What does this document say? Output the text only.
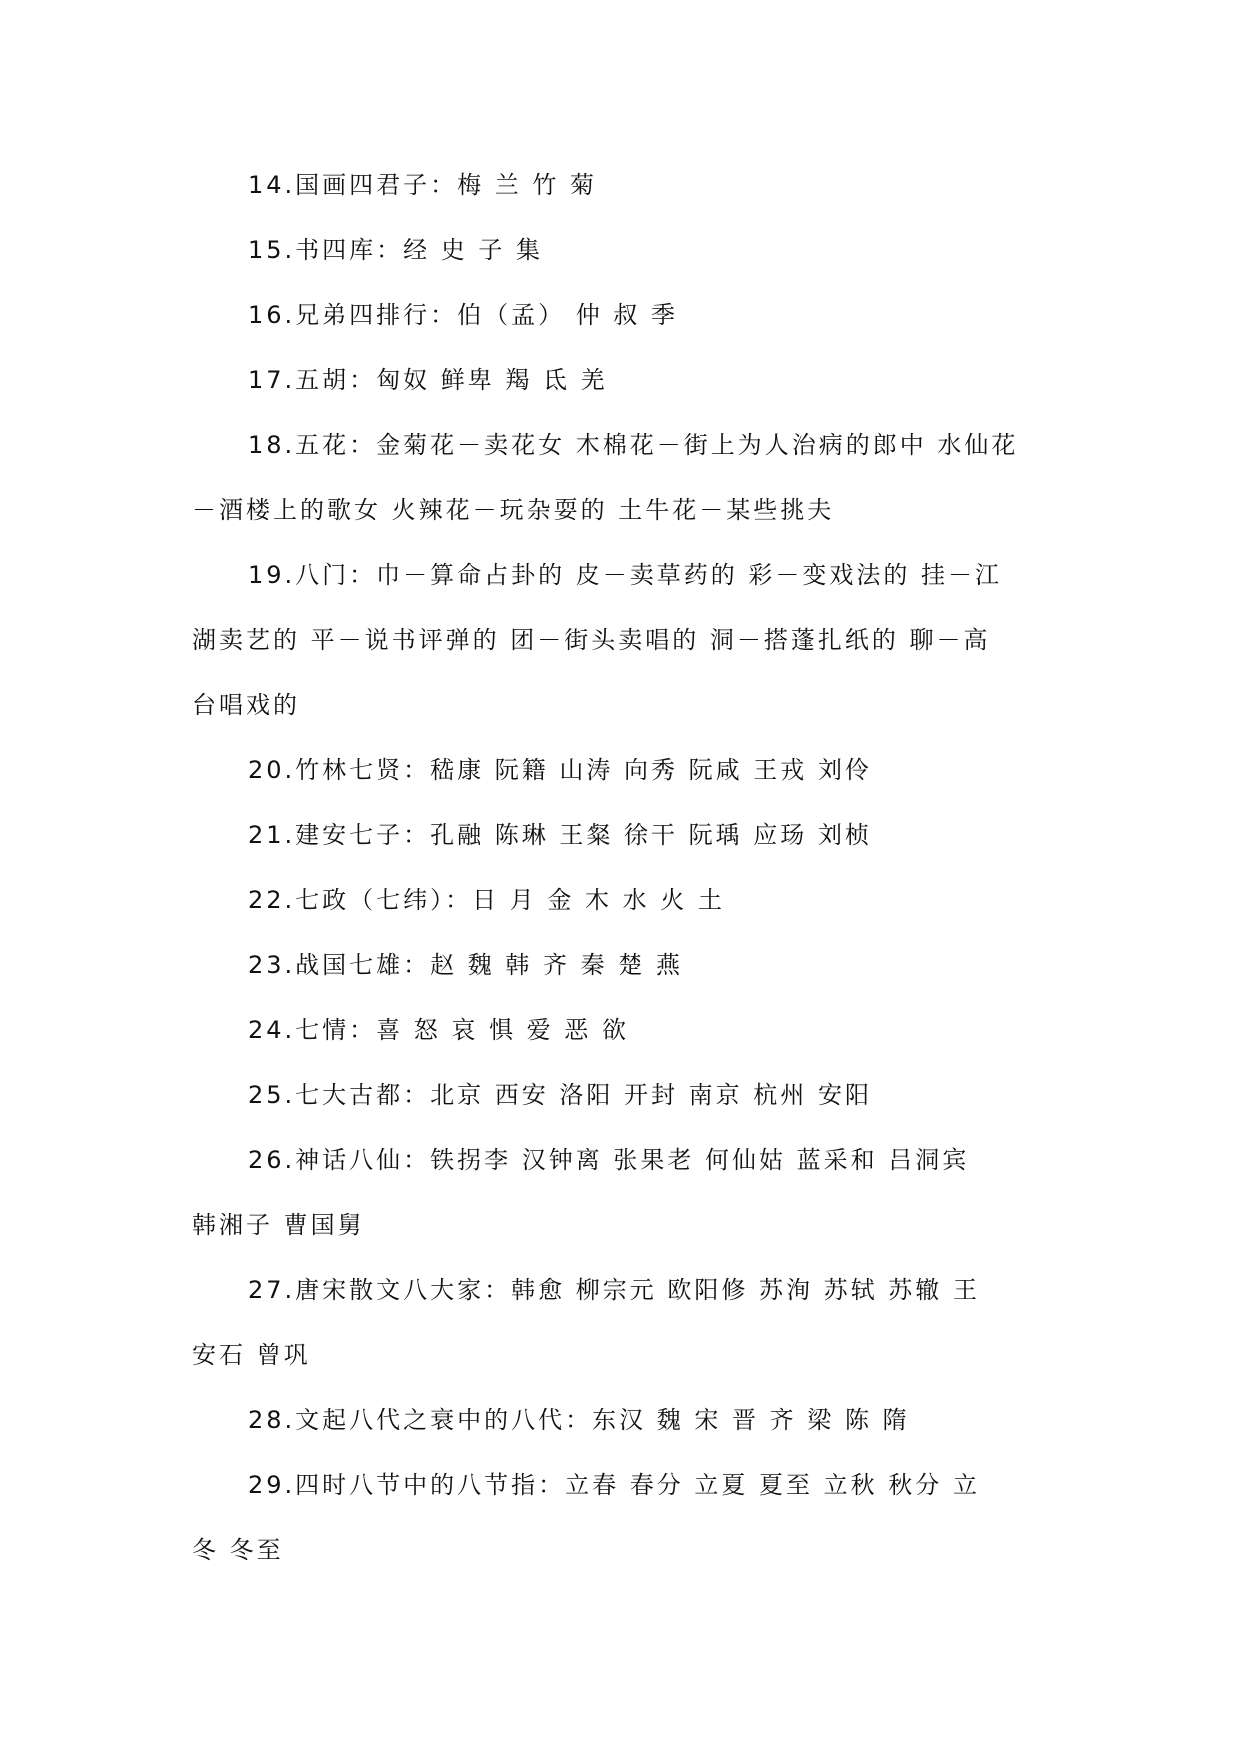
14.国画四君子：梅 兰 竹 菊

15.书四库：经 史 子 集

16.兄弟四排行：伯（孟） 仲 叔 季

17.五胡：匈奴 鲜卑 羯 氐 羌

18.五花：金菊花－卖花女 木棉花－街上为人治病的郎中 水仙花

－酒楼上的歌女 火辣花－玩杂耍的 土牛花－某些挑夫

19.八门：巾－算命占卦的 皮－卖草药的 彩－变戏法的 挂－江

湖卖艺的 平－说书评弹的 团－街头卖唱的 洞－搭蓬扎纸的 聊－高

台唱戏的

20.竹林七贤：嵇康 阮籍 山涛 向秀 阮咸 王戎 刘伶

21.建安七子：孔融 陈琳 王粲 徐干 阮瑀 应玚 刘桢

22.七政（七纬）：日 月 金 木 水 火 土

23.战国七雄：赵 魏 韩 齐 秦 楚 燕

24.七情：喜 怒 哀 惧 爱 恶 欲

25.七大古都：北京 西安 洛阳 开封 南京 杭州 安阳

26.神话八仙：铁拐李 汉钟离 张果老 何仙姑 蓝采和 吕洞宾

韩湘子 曹国舅

27.唐宋散文八大家：韩愈 柳宗元 欧阳修 苏洵 苏轼 苏辙 王

安石 曾巩

28.文起八代之衰中的八代：东汉 魏 宋 晋 齐 梁 陈 隋

29.四时八节中的八节指：立春 春分 立夏 夏至 立秋 秋分 立

冬 冬至
